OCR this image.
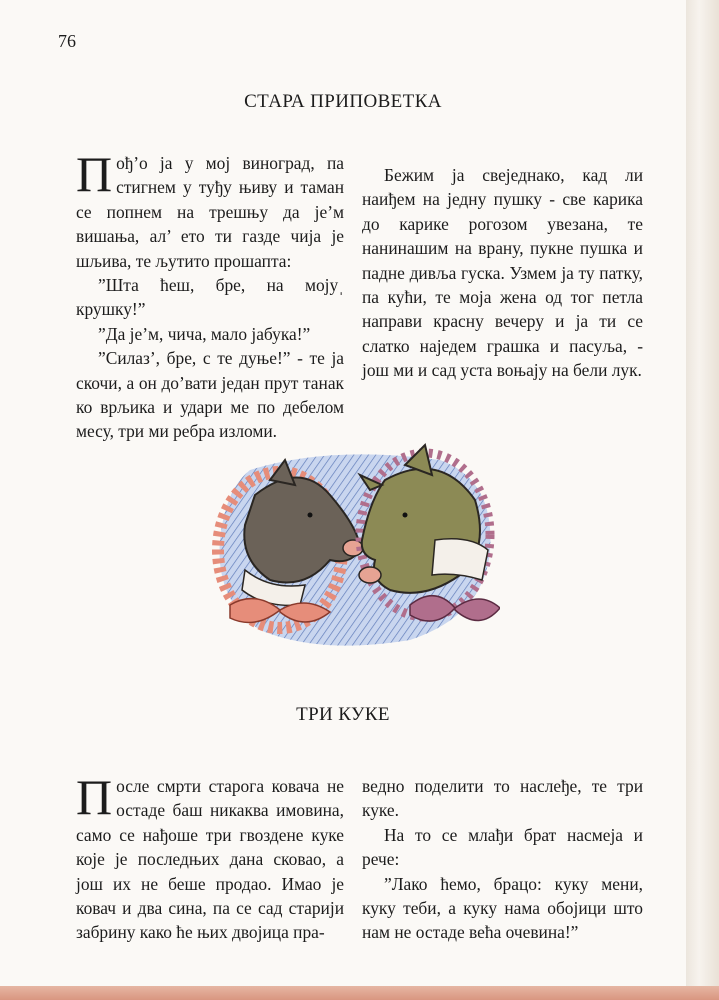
76
СТАРА ПРИПОВЕТКА

Пођ’о ја у мој виноград, па стигнем у туђу њиву и таман се попнем на трешњу да је’м вишања, ал’ ето ти газде чија је шљива, те љутито прошапта:

”Шта ћеш, бре, на мојуˌ крушку!”

”Да је’м, чича, мало јабука!”

”Силаз’, бре, с те дуње!” - те ја скочи, а он до’вати један прут танак ко врљика и удари ме по дебелом месу, три ми ребра изломи.

Бежим ја свеједнако, кад ли наиђем на једну пушку - све карика до карике рогозом увезана, те нанинашим на врану, пукне пушка и падне дивља гуска. Узмем ја ту патку, па кући, те моја жена од тог петла направи красну вечеру и ја ти се слатко наједем грашка и пасуља, - још ми и сад уста воњају на бели лук.

ТРИ КУКЕ

После смрти старога ковача не остаде баш никаква имовина, само се нађоше три гвоздене куке које је последњих дана сковао, а још их не беше продао. Имао је ковач и два сина, па се сад старији забрину како ће њих двојица пра-

ведно поделити то наслеђе, те три куке.

На то се млађи брат насмеја и рече:

”Лако ћемо, брацо: куку мени, куку теби, а куку нама обојици што нам не остаде већа очевина!”
